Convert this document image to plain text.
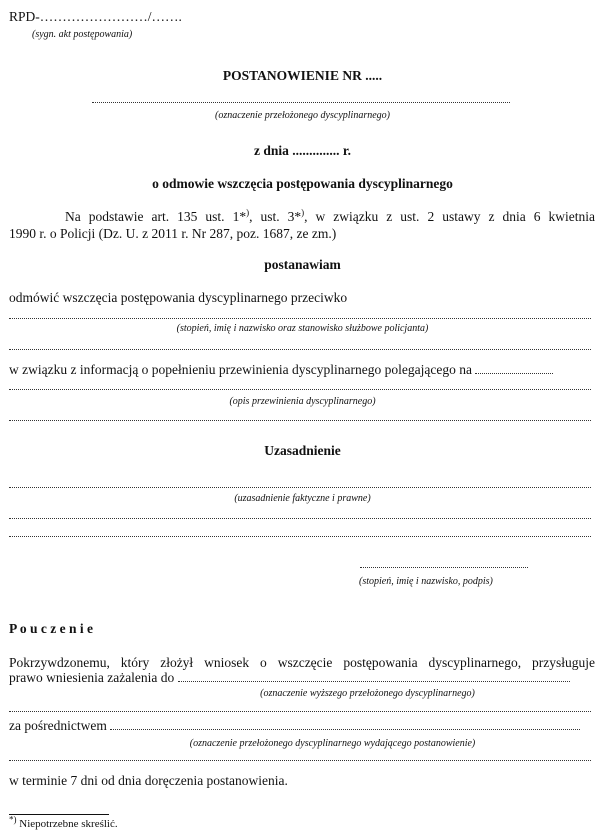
RPD-……………………/…….
(sygn. akt postępowania)
POSTANOWIENIE NR .....
(oznaczenie przełożonego dyscyplinarnego)
z dnia .............. r.
o odmowie wszczęcia postępowania dyscyplinarnego
Na podstawie art. 135 ust. 1*), ust. 3*), w związku z ust. 2 ustawy z dnia 6 kwietnia
1990 r. o Policji (Dz. U. z 2011 r. Nr 287, poz. 1687, ze zm.)
postanawiam
odmówić wszczęcia postępowania dyscyplinarnego przeciwko
(stopień, imię i nazwisko oraz stanowisko służbowe policjanta)
w związku z informacją o popełnieniu przewinienia dyscyplinarnego polegającego na
(opis przewinienia dyscyplinarnego)
Uzasadnienie
(uzasadnienie faktyczne i prawne)
(stopień, imię i nazwisko, podpis)
P o u c z e n i e
Pokrzywdzonemu, który złożył wniosek o wszczęcie postępowania dyscyplinarnego, przysługuje
prawo wniesienia zażalenia do
(oznaczenie wyższego przełożonego dyscyplinarnego)
za pośrednictwem
(oznaczenie przełożonego dyscyplinarnego wydającego postanowienie)
w terminie 7 dni od dnia doręczenia postanowienia.
*) Niepotrzebne skreślić.
